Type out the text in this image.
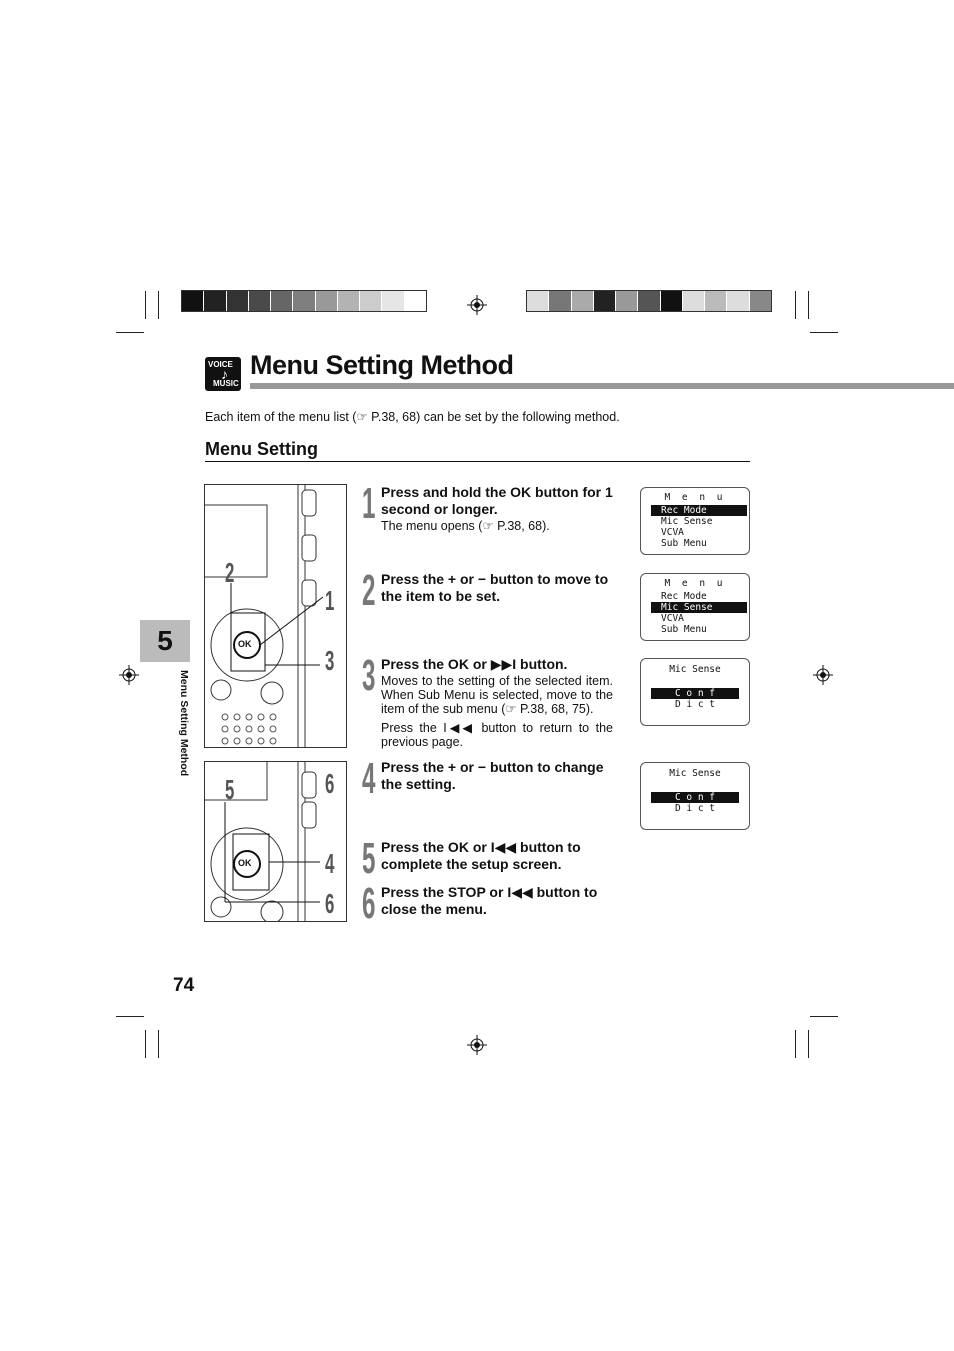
VOICE
♪
MUSIC
Menu Setting Method
Each item of the menu list (☞ P.38, 68) can be set by the following method.
Menu Setting
5
Menu Setting Method
74
OK
2
1
3
OK
5	6
4
6
1 Press and hold the OK button for 1 second or longer.
The menu opens (☞ P.38, 68).
2 Press the + or − button to move to the item to be set.
3 Press the OK or ▶▶I button.
Moves to the setting of the selected item. When Sub Menu is selected, move to the item of the sub menu (☞ P.38, 68, 75).
Press the I◀◀ button to return to the previous page.
4 Press the + or − button to change the setting.
5 Press the OK or I◀◀ button to complete the setup screen.
6 Press the STOP or I◀◀ button to close the menu.
M e n u
Rec Mode
Mic Sense
VCVA
Sub Menu
M e n u
Rec Mode
Mic Sense
VCVA
Sub Menu
Mic Sense
C o n f
D i c t
Mic Sense
C o n f
D i c t
